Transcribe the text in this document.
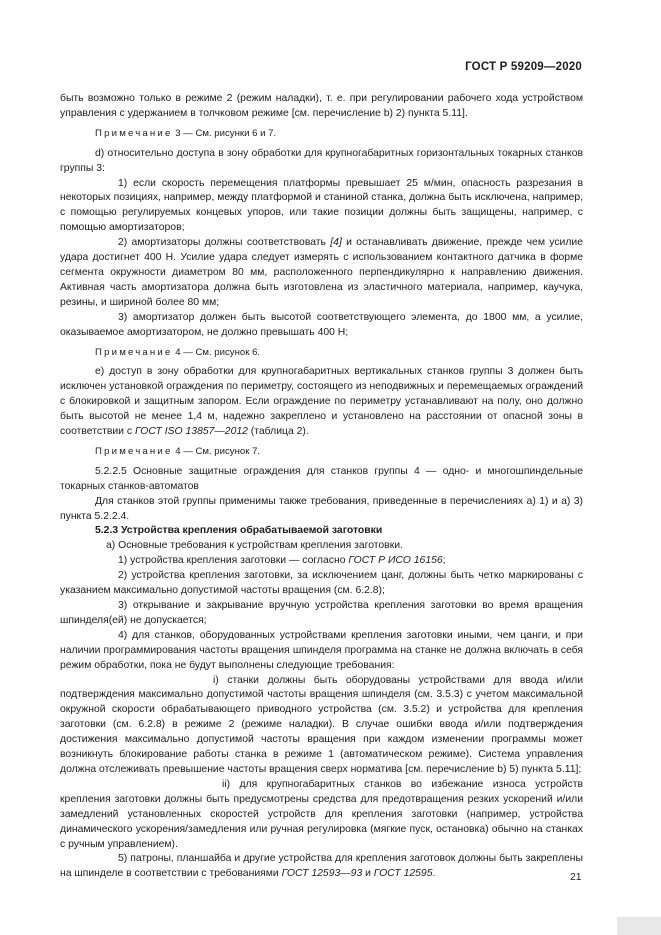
ГОСТ Р 59209—2020

быть возможно только в режиме 2 (режим наладки), т. е. при регулировании рабочего хода устройством управления с удержанием в толчковом режиме [см. перечисление b) 2) пункта 5.11].

Примечание 3 — См. рисунки 6 и 7.

d) относительно доступа в зону обработки для крупногабаритных горизонтальных токарных станков группы 3:

1) если скорость перемещения платформы превышает 25 м/мин, опасность разрезания в некоторых позициях, например, между платформой и станиной станка, должна быть исключена, например, с помощью регулируемых концевых упоров, или такие позиции должны быть защищены, например, с помощью амортизаторов;

2) амортизаторы должны соответствовать [4] и останавливать движение, прежде чем усилие удара достигнет 400 Н. Усилие удара следует измерять с использованием контактного датчика в форме сегмента окружности диаметром 80 мм, расположенного перпендикулярно к направлению движения. Активная часть амортизатора должна быть изготовлена из эластичного материала, например, каучука, резины, и шириной более 80 мм;

3) амортизатор должен быть высотой соответствующего элемента, до 1800 мм, а усилие, оказываемое амортизатором, не должно превышать 400 Н;

Примечание 4 — См. рисунок 6.

e) доступ в зону обработки для крупногабаритных вертикальных станков группы 3 должен быть исключен установкой ограждения по периметру, состоящего из неподвижных и перемещаемых ограждений с блокировкой и защитным запором. Если ограждение по периметру устанавливают на полу, оно должно быть высотой не менее 1,4 м, надежно закреплено и установлено на расстоянии от опасной зоны в соответствии с ГОСТ ISO 13857—2012 (таблица 2).

Примечание 4 — См. рисунок 7.

5.2.2.5 Основные защитные ограждения для станков группы 4 — одно- и многошпиндельные токарных станков-автоматов

Для станков этой группы применимы также требования, приведенные в перечислениях а) 1) и а) 3) пункта 5.2.2.4.

5.2.3 Устройства крепления обрабатываемой заготовки

a) Основные требования к устройствам крепления заготовки.

1) устройства крепления заготовки — согласно ГОСТ Р ИСО 16156;

2) устройства крепления заготовки, за исключением цанг, должны быть четко маркированы с указанием максимально допустимой частоты вращения (см. 6.2.8);

3) открывание и закрывание вручную устройства крепления заготовки во время вращения шпинделя(ей) не допускается;

4) для станков, оборудованных устройствами крепления заготовки иными, чем цанги, и при наличии программирования частоты вращения шпинделя программа на станке не должна включать в себя режим обработки, пока не будут выполнены следующие требования:

i) станки должны быть оборудованы устройствами для ввода и/или подтверждения максимально допустимой частоты вращения шпинделя (см. 3.5.3) с учетом максимальной окружной скорости обрабатывающего приводного устройства (см. 3.5.2) и устройства для крепления заготовки (см. 6.2.8) в режиме 2 (режиме наладки). В случае ошибки ввода и/или подтверждения достижения максимально допустимой частоты вращения при каждом изменении программы может возникнуть блокирование работы станка в режиме 1 (автоматическом режиме). Система управления должна отслеживать превышение частоты вращения сверх норматива [см. перечисление b) 5) пункта 5.11];

ii) для крупногабаритных станков во избежание износа устройств крепления заготовки должны быть предусмотрены средства для предотвращения резких ускорений и/или замедлений установленных скоростей устройств для крепления заготовки (например, устройства динамического ускорения/замедления или ручная регулировка (мягкие пуск, остановка) обычно на станках с ручным управлением).

5) патроны, планшайба и другие устройства для крепления заготовок должны быть закреплены на шпинделе в соответствии с требованиями ГОСТ 12593—93 и ГОСТ 12595.	21
